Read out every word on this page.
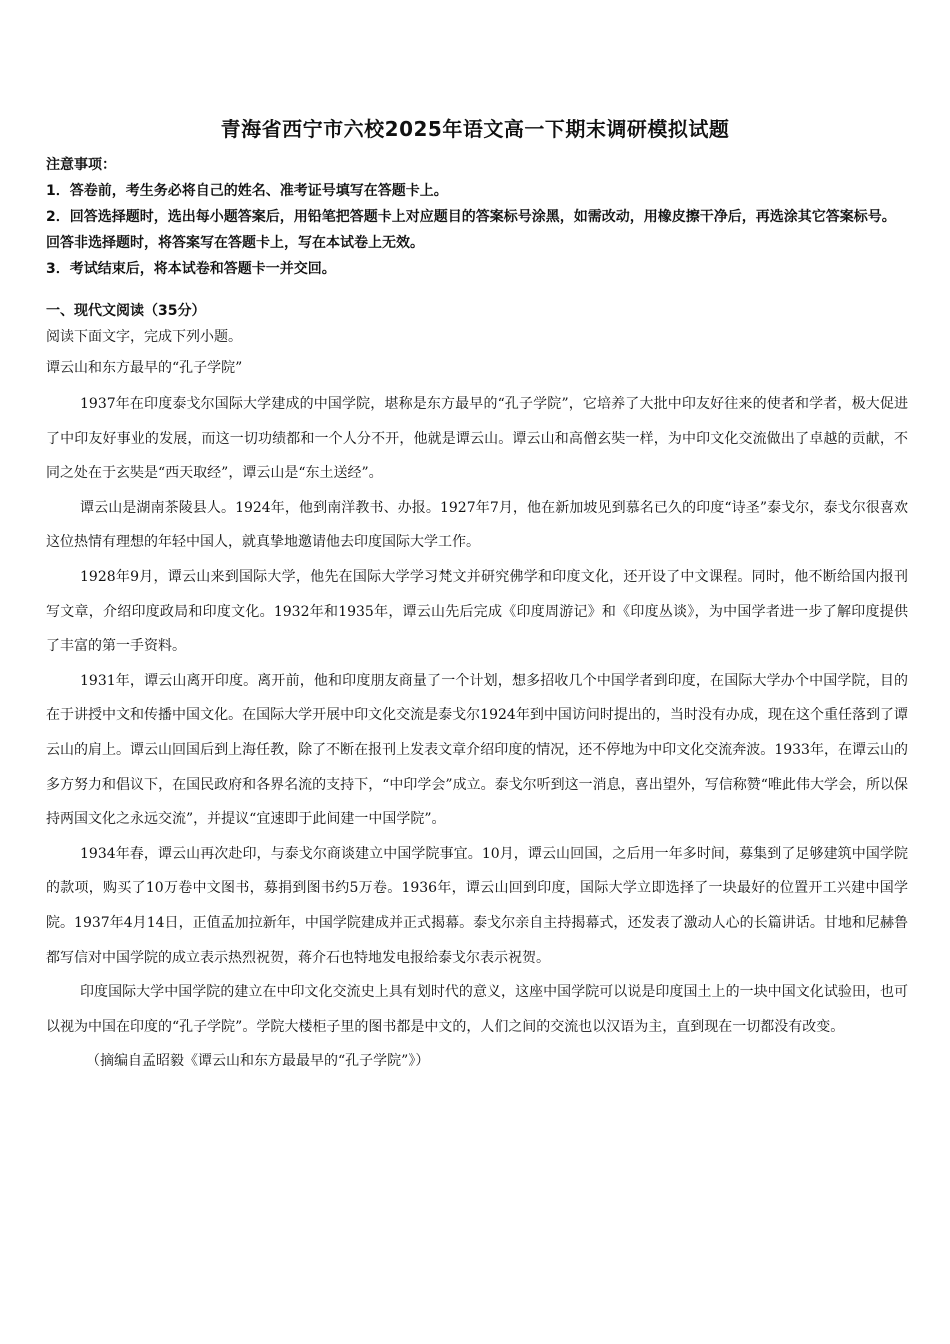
青海省西宁市六校2025年语文高一下期末调研模拟试题
注意事项：
1．答卷前，考生务必将自己的姓名、准考证号填写在答题卡上。
2．回答选择题时，选出每小题答案后，用铅笔把答题卡上对应题目的答案标号涂黑，如需改动，用橡皮擦干净后，再选涂其它答案标号。回答非选择题时，将答案写在答题卡上，写在本试卷上无效。
3．考试结束后，将本试卷和答题卡一并交回。
一、现代文阅读（35分）
阅读下面文字，完成下列小题。
谭云山和东方最早的“孔子学院”

1937年在印度泰戈尔国际大学建成的中国学院，堪称是东方最早的“孔子学院”，它培养了大批中印友好往来的使者和学者，极大促进了中印友好事业的发展，而这一切功绩都和一个人分不开，他就是谭云山。谭云山和高僧玄奘一样，为中印文化交流做出了卓越的贡献，不同之处在于玄奘是“西天取经”，谭云山是“东土送经”。

谭云山是湖南茶陵县人。1924年，他到南洋教书、办报。1927年7月，他在新加坡见到慕名已久的印度“诗圣”泰戈尔，泰戈尔很喜欢这位热情有理想的年轻中国人，就真挚地邀请他去印度国际大学工作。

1928年9月，谭云山来到国际大学，他先在国际大学学习梵文并研究佛学和印度文化，还开设了中文课程。同时，他不断给国内报刊写文章，介绍印度政局和印度文化。1932年和1935年，谭云山先后完成《印度周游记》和《印度丛谈》，为中国学者进一步了解印度提供了丰富的第一手资料。

1931年，谭云山离开印度。离开前，他和印度朋友商量了一个计划，想多招收几个中国学者到印度，在国际大学办个中国学院，目的在于讲授中文和传播中国文化。在国际大学开展中印文化交流是泰戈尔1924年到中国访问时提出的，当时没有办成，现在这个重任落到了谭云山的肩上。谭云山回国后到上海任教，除了不断在报刊上发表文章介绍印度的情况，还不停地为中印文化交流奔波。1933年，在谭云山的多方努力和倡议下，在国民政府和各界名流的支持下，“中印学会”成立。泰戈尔听到这一消息，喜出望外，写信称赞“唯此伟大学会，所以保持两国文化之永远交流”，并提议“宜速即于此间建一中国学院”。

1934年春，谭云山再次赴印，与泰戈尔商谈建立中国学院事宜。10月，谭云山回国，之后用一年多时间，募集到了足够建筑中国学院的款项，购买了10万卷中文图书，募捐到图书约5万卷。1936年，谭云山回到印度，国际大学立即选择了一块最好的位置开工兴建中国学院。1937年4月14日，正值孟加拉新年，中国学院建成并正式揭幕。泰戈尔亲自主持揭幕式，还发表了激动人心的长篇讲话。甘地和尼赫鲁都写信对中国学院的成立表示热烈祝贺，蒋介石也特地发电报给泰戈尔表示祝贺。

印度国际大学中国学院的建立在中印文化交流史上具有划时代的意义，这座中国学院可以说是印度国土上的一块中国文化试验田，也可以视为中国在印度的“孔子学院”。学院大楼柜子里的图书都是中文的，人们之间的交流也以汉语为主，直到现在一切都没有改变。

（摘编自孟昭毅《谭云山和东方最最早的“孔子学院”》）
